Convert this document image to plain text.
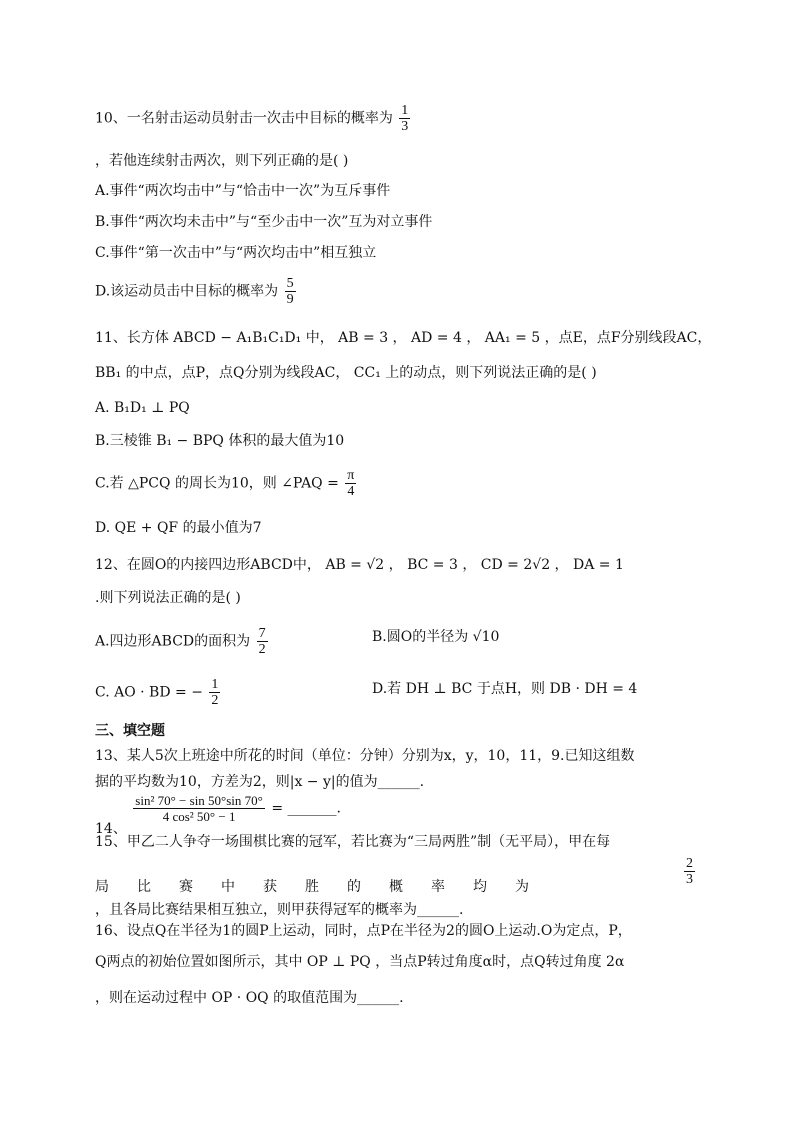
10、一名射击运动员射击一次击中目标的概率为 $\frac{1}{3}$
，若他连续射击两次，则下列正确的是( )
A.事件“两次均击中”与“恰击中一次”为互斥事件
B.事件“两次均未击中”与“至少击中一次”互为对立事件
C.事件“第一次击中”与“两次均击中”相互独立
D.该运动员击中目标的概率为 $\frac{5}{9}$
11、长方体 ABCD − A₁B₁C₁D₁ 中， AB = 3 ， AD = 4 ， AA₁ = 5 ，点E，点F分别线段AC，
BB₁ 的中点，点P，点Q分别为线段AC， CC₁ 上的动点，则下列说法正确的是( )
A. B₁D₁ ⊥ PQ
B.三棱锥 B₁ − BPQ 体积的最大值为10
C.若 △PCQ 的周长为10，则 ∠PAQ = $\frac{\pi}{4}$
D. QE + QF 的最小值为7
12、在圆O的内接四边形ABCD中， AB = √2 ， BC = 3 ， CD = 2√2 ， DA = 1
.则下列说法正确的是( )
A.四边形ABCD的面积为 $\frac{7}{2}$	B.圆O的半径为 √10
C. AO · BD = − $\frac{1}{2}$	D.若 DH ⊥ BC 于点H，则 DB · DH = 4
三、填空题
13、某人5次上班途中所花的时间（单位：分钟）分别为x，y，10，11，9.已知这组数
据的平均数为10，方差为2，则|x − y|的值为______.
14、
$\frac{\text{sin² 70° − sin 50°sin 70°}}{\text{4 cos² 50° − 1}}$ = _______.
15、甲乙二人争夺一场围棋比赛的冠军，若比赛为“三局两胜”制（无平局），甲在每
局　　比　　赛　　中　　获　　胜　　的　　概　　率　　均　　为	$\frac{2}{3}$
，且各局比赛结果相互独立，则甲获得冠军的概率为______.
16、设点Q在半径为1的圆P上运动，同时，点P在半径为2的圆O上运动.O为定点，P，
Q两点的初始位置如图所示，其中 OP ⊥ PQ ，当点P转过角度α时，点Q转过角度 2α
，则在运动过程中 OP · OQ 的取值范围为______.
